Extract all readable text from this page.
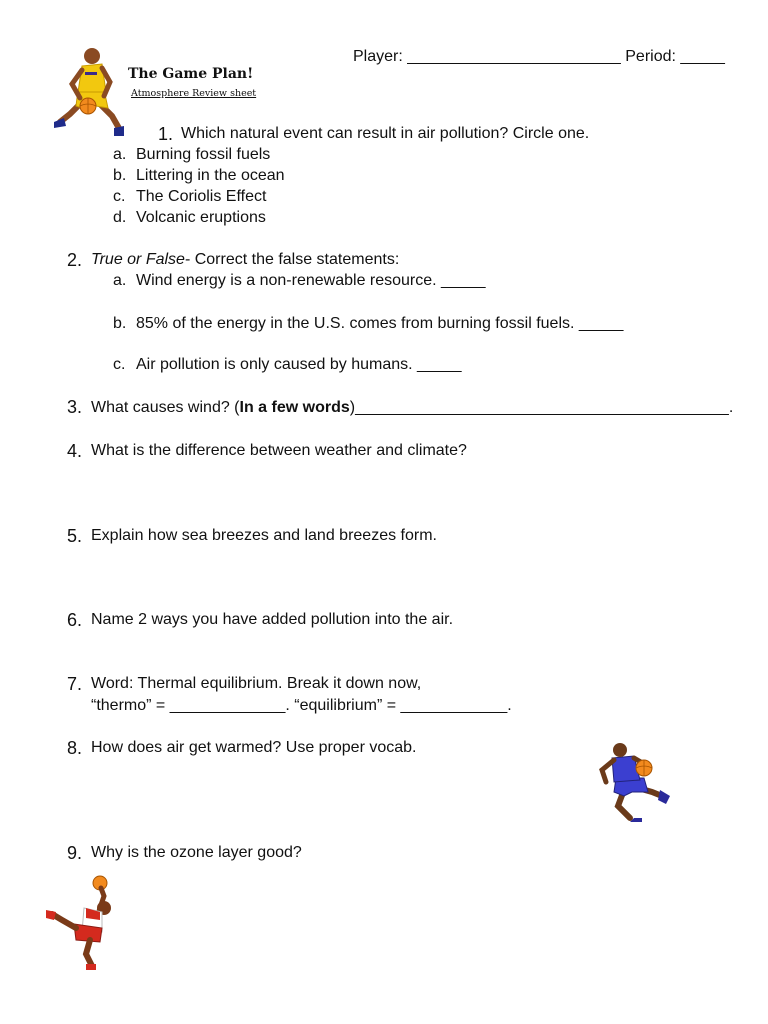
The Game Plan!
Atmosphere Review sheet
Player: ________________________ Period: _____
1. Which natural event can result in air pollution? Circle one.
a. Burning fossil fuels
b. Littering in the ocean
c. The Coriolis Effect
d. Volcanic eruptions
2. True or False- Correct the false statements:
a. Wind energy is a non-renewable resource. _____
b. 85% of the energy in the U.S. comes from burning fossil fuels. _____
c. Air pollution is only caused by humans. _____
3. What causes wind? (In a few words)__________________________________________.
4. What is the difference between weather and climate?
5. Explain how sea breezes and land breezes form.
6. Name 2 ways you have added pollution into the air.
7. Word: Thermal equilibrium. Break it down now,
“thermo” = _____________. “equilibrium” = ____________.
8. How does air get warmed? Use proper vocab.
9. Why is the ozone layer good?
